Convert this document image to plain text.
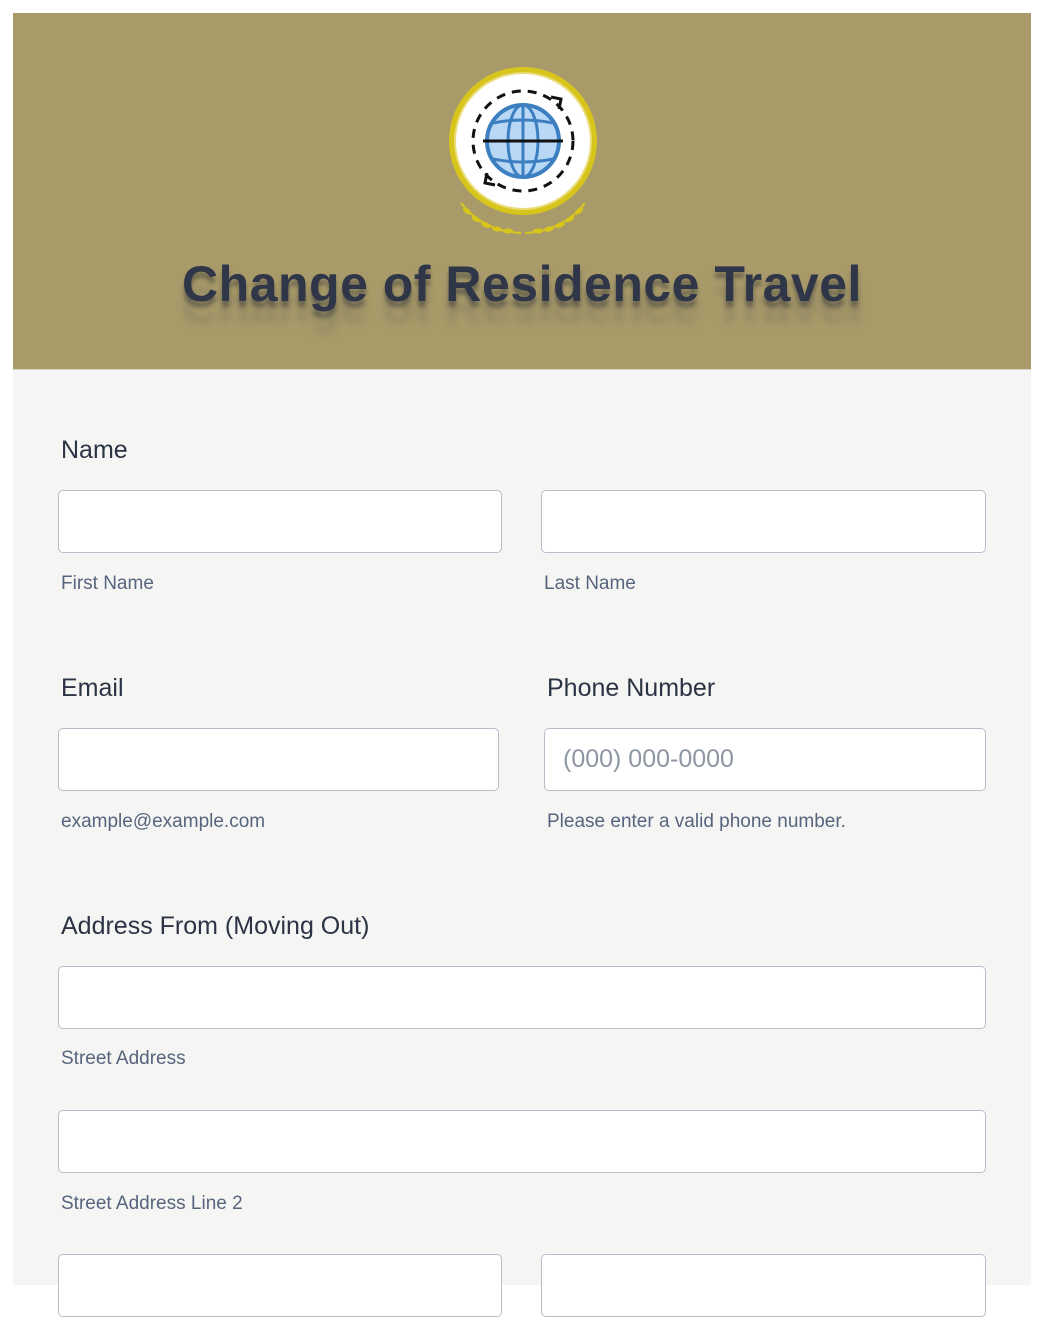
Change of Residence Travel
Name
First Name	Last Name
Email
example@example.com
Phone Number
(000) 000-0000
Please enter a valid phone number.
Address From (Moving Out)
Street Address
Street Address Line 2
